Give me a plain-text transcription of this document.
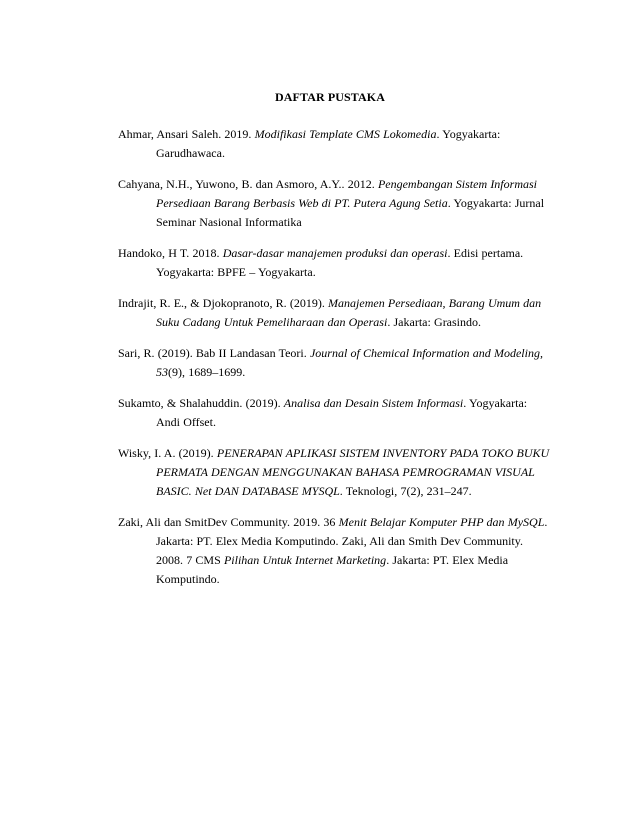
DAFTAR PUSTAKA

Ahmar, Ansari Saleh. 2019. Modifikasi Template CMS Lokomedia. Yogyakarta: Garudhawaca.

Cahyana, N.H., Yuwono, B. dan Asmoro, A.Y.. 2012. Pengembangan Sistem Informasi Persediaan Barang Berbasis Web di PT. Putera Agung Setia. Yogyakarta: Jurnal Seminar Nasional Informatika

Handoko, H T. 2018. Dasar-dasar manajemen produksi dan operasi. Edisi pertama. Yogyakarta: BPFE – Yogyakarta.

Indrajit, R. E., & Djokopranoto, R. (2019). Manajemen Persediaan, Barang Umum dan Suku Cadang Untuk Pemeliharaan dan Operasi. Jakarta: Grasindo.

Sari, R. (2019). Bab II Landasan Teori. Journal of Chemical Information and Modeling, 53(9), 1689–1699.

Sukamto, & Shalahuddin. (2019). Analisa dan Desain Sistem Informasi. Yogyakarta: Andi Offset.

Wisky, I. A. (2019). PENERAPAN APLIKASI SISTEM INVENTORY PADA TOKO BUKU PERMATA DENGAN MENGGUNAKAN BAHASA PEMROGRAMAN VISUAL BASIC. Net DAN DATABASE MYSQL. Teknologi, 7(2), 231–247.

Zaki, Ali dan SmitDev Community. 2019. 36 Menit Belajar Komputer PHP dan MySQL. Jakarta: PT. Elex Media Komputindo. Zaki, Ali dan Smith Dev Community. 2008. 7 CMS Pilihan Untuk Internet Marketing. Jakarta: PT. Elex Media Komputindo.
